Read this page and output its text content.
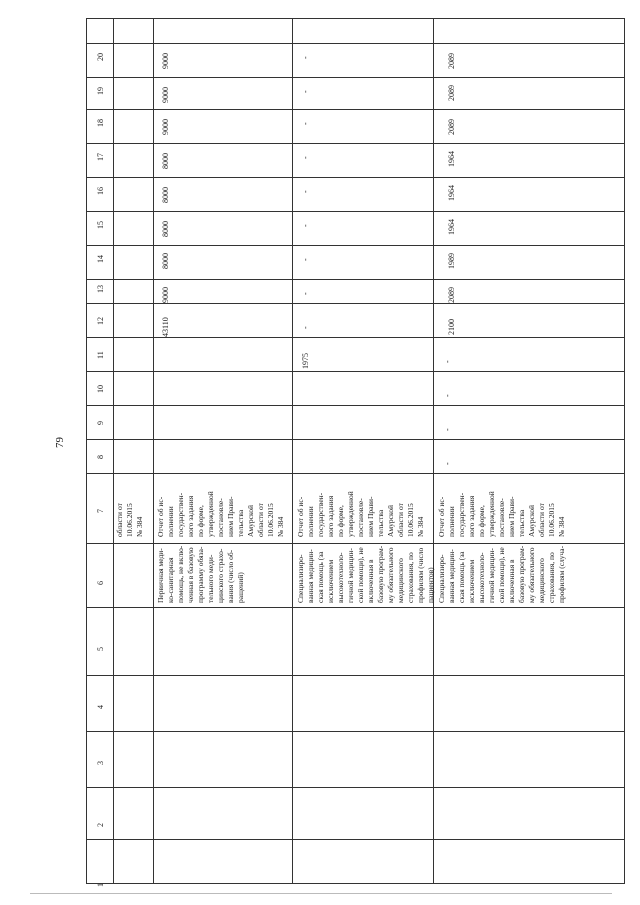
79
1
2
3
4
5
6
7
8
9
10
11
12
13
14
15
16
17
18
19
20
области от 10.06.2015 № 384
Первичная меди- ко-санитарная помощь, не вклю- ченная в базовую программу обяза- тельного меди- цинского страхо- вания (число об- ращений)
Отчет об ис- полнении государствен- ного задания по форме, утвержденной постановле- нием Прави- тельства Амурской области от 10.06.2015 № 384
43110
9000
8000
8000
8000
8000
9000
9000
9000
Специализиро- ванная медицин- ская помощь (за исключением высокотехноло- гичной медицин- ской помощи), не включенная в базовую програм- му обязательного медицинского страхования, по профилям (число пациентов)
Отчет об ис- полнении государствен- ного задания по форме, утвержденной постановле- нием Прави- тельства Амурской области от 10.06.2015 № 384
1975
-
-
-
-
-
-
-
-
-
Специализиро- ванная медицин- ская помощь (за исключением высокотехноло- гичной медицин- ской помощи), не включенная в базовую програм- му обязательного медицинского страхования, по профилям (случа-
Отчет об ис- полнении государствен- ного задания по форме, утвержденной постановле- нием Прави- тельства Амурской области от 10.06.2015 № 384
-
-
-
-
2100
2089
1989
1964
1964
1964
2089
2089
2089
